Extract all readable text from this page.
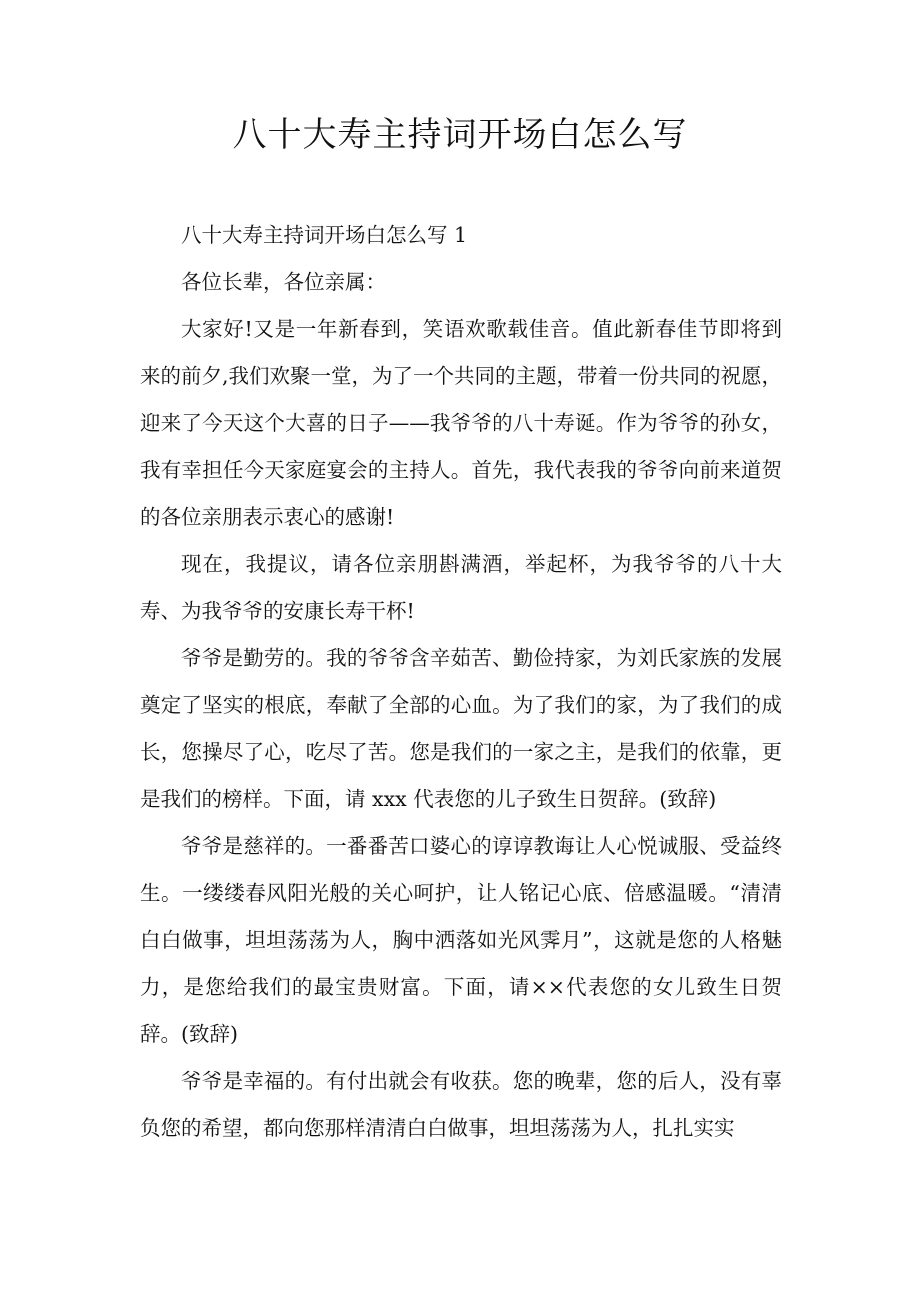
八十大寿主持词开场白怎么写

八十大寿主持词开场白怎么写 1

各位长辈，各位亲属：

大家好!又是一年新春到，笑语欢歌载佳音。值此新春佳节即将到来的前夕,我们欢聚一堂，为了一个共同的主题，带着一份共同的祝愿，迎来了今天这个大喜的日子——我爷爷的八十寿诞。作为爷爷的孙女，我有幸担任今天家庭宴会的主持人。首先，我代表我的爷爷向前来道贺的各位亲朋表示衷心的感谢!

现在，我提议，请各位亲朋斟满酒，举起杯，为我爷爷的八十大寿、为我爷爷的安康长寿干杯!

爷爷是勤劳的。我的爷爷含辛茹苦、勤俭持家，为刘氏家族的发展奠定了坚实的根底，奉献了全部的心血。为了我们的家，为了我们的成长，您操尽了心，吃尽了苦。您是我们的一家之主，是我们的依靠，更是我们的榜样。下面，请 xxx 代表您的儿子致生日贺辞。(致辞)

爷爷是慈祥的。一番番苦口婆心的谆谆教诲让人心悦诚服、受益终生。一缕缕春风阳光般的关心呵护，让人铭记心底、倍感温暖。“清清白白做事，坦坦荡荡为人，胸中洒落如光风霁月”，这就是您的人格魅力，是您给我们的最宝贵财富。下面，请××代表您的女儿致生日贺辞。(致辞)

爷爷是幸福的。有付出就会有收获。您的晚辈，您的后人，没有辜负您的希望，都向您那样清清白白做事，坦坦荡荡为人，扎扎实实
